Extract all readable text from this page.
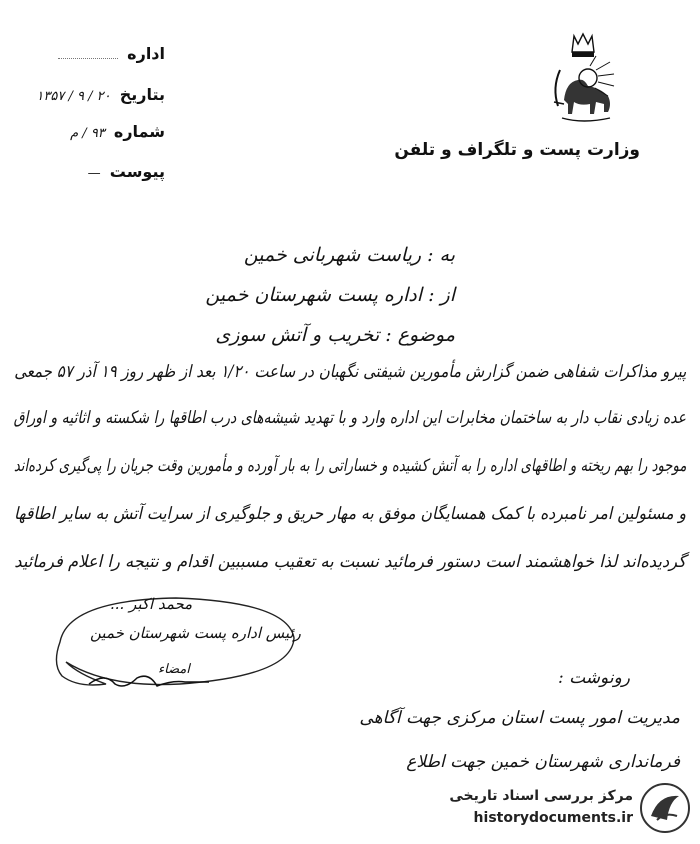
اداره
بتاریخ ۲۰ / ۹ / ۱۳۵۷
شماره ۹۳ / م
پیوست —
وزارت پست و تلگراف و تلفن
به : ریاست شهربانی خمین
از : اداره پست شهرستان خمین
موضوع : تخریب و آتش سوزی
پیرو مذاکرات شفاهی ضمن گزارش مأمورین شیفتی نگهبان در ساعت ۱/۲۰ بعد از ظهر روز ۱۹ آذر ۵۷ جمعی
عده زیادی نقاب دار به ساختمان مخابرات این اداره وارد و با تهدید شیشه‌های درب اطاقها را شکسته و اثاثیه و اوراق
موجود را بهم ریخته و اطاقهای اداره را به آتش کشیده و خساراتی را به بار آورده و مأمورین وقت جریان را پی‌گیری کرده‌اند
و مسئولین امر نامبرده با کمک همسایگان موفق به مهار حریق و جلوگیری از سرایت آتش به سایر اطاقها
گردیده‌اند لذا خواهشمند است دستور فرمائید نسبت به تعقیب مسببین اقدام و نتیجه را اعلام فرمائید
محمد اکبر ...
رئیس اداره پست شهرستان خمین
امضاء	رونوشت :
مدیریت امور پست استان مرکزی جهت آگاهی
فرمانداری شهرستان خمین جهت اطلاع
مرکز بررسی اسناد تاریخی
historydocuments.ir
